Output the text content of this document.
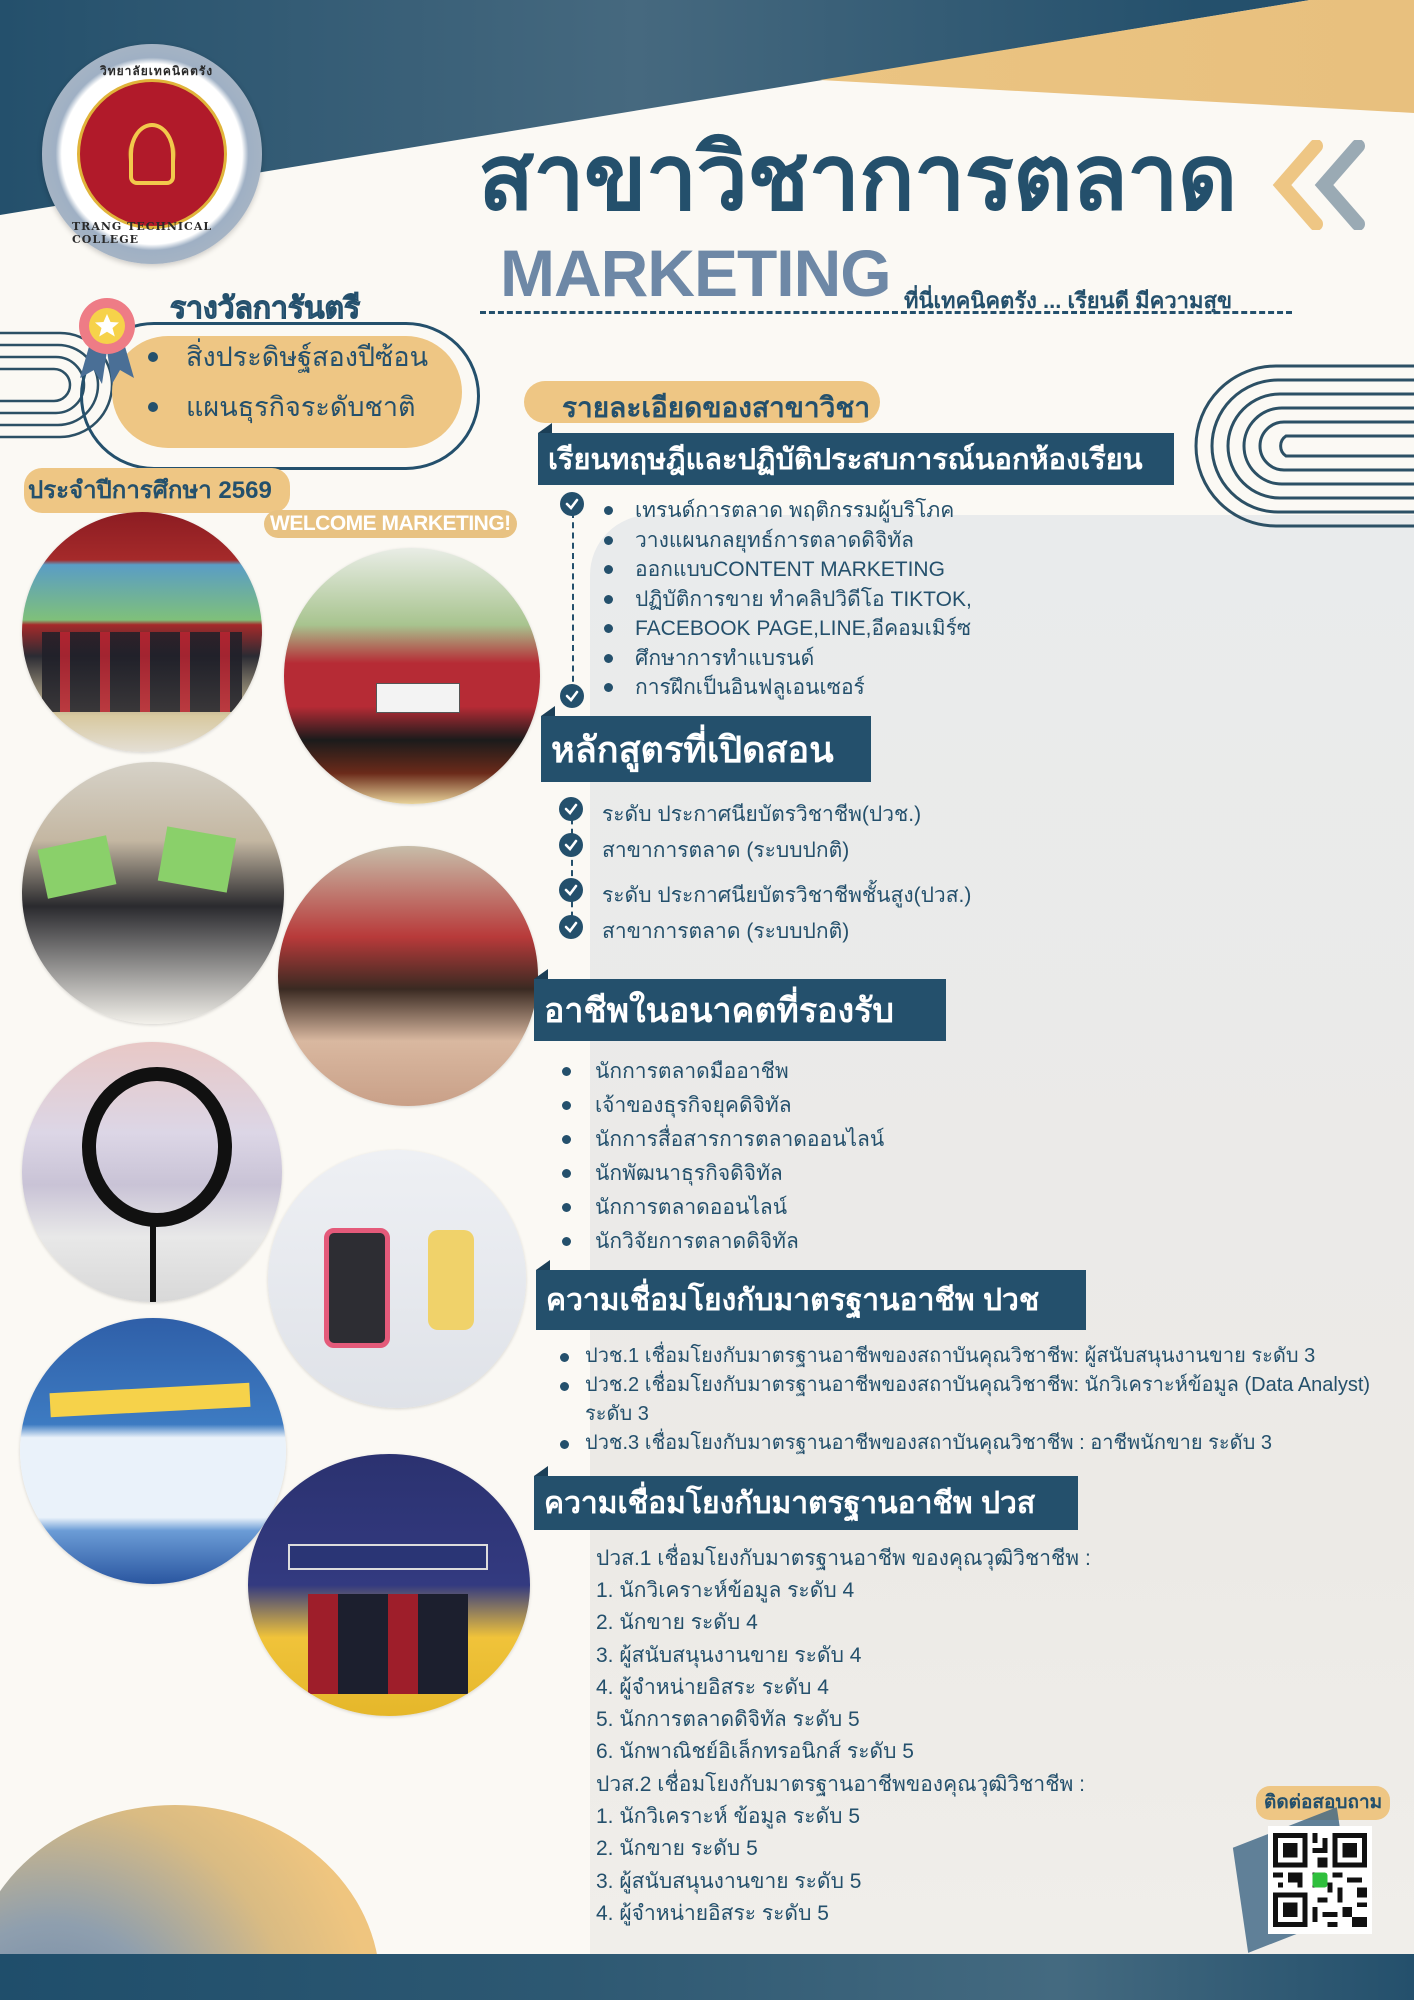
วิทยาลัยเทคนิคตรัง
TRANG TECHNICAL COLLEGE
สาขาวิชาการตลาด
MARKETING ที่นี่เทคนิคตรัง ... เรียนดี มีความสุข
รางวัลการันตรี
สิ่งประดิษฐ์สองปีซ้อน
แผนธุรกิจระดับชาติ
ประจำปีการศึกษา 2569
WELCOME MARKETING!
รายละเอียดของสาขาวิชา
เรียนทฤษฎีและปฏิบัติประสบการณ์นอกห้องเรียน
เทรนด์การตลาด พฤติกรรมผู้บริโภค
วางแผนกลยุทธ์การตลาดดิจิทัล
ออกแบบCONTENT MARKETING
ปฏิบัติการขาย ทำคลิปวิดีโอ TIKTOK,
FACEBOOK PAGE,LINE,อีคอมเมิร์ซ
ศึกษาการทำแบรนด์
การฝึกเป็นอินฟลูเอนเซอร์
หลักสูตรที่เปิดสอน
ระดับ ประกาศนียบัตรวิชาชีพ(ปวช.)
สาขาการตลาด (ระบบปกติ)
ระดับ ประกาศนียบัตรวิชาชีพชั้นสูง(ปวส.)
สาขาการตลาด (ระบบปกติ)
อาชีพในอนาคตที่รองรับ
นักการตลาดมืออาชีพ
เจ้าของธุรกิจยุคดิจิทัล
นักการสื่อสารการตลาดออนไลน์
นักพัฒนาธุรกิจดิจิทัล
นักการตลาดออนไลน์
นักวิจัยการตลาดดิจิทัล
ความเชื่อมโยงกับมาตรฐานอาชีพ ปวช
ปวช.1 เชื่อมโยงกับมาตรฐานอาชีพของสถาบันคุณวิชาชีพ: ผู้สนับสนุนงานขาย ระดับ 3
ปวช.2 เชื่อมโยงกับมาตรฐานอาชีพของสถาบันคุณวิชาชีพ: นักวิเคราะห์ข้อมูล (Data Analyst) ระดับ 3
ปวช.3 เชื่อมโยงกับมาตรฐานอาชีพของสถาบันคุณวิชาชีพ : อาชีพนักขาย ระดับ 3
ความเชื่อมโยงกับมาตรฐานอาชีพ ปวส
ปวส.1 เชื่อมโยงกับมาตรฐานอาชีพ ของคุณวุฒิวิชาชีพ :
1. นักวิเคราะห์ข้อมูล ระดับ 4
2. นักขาย ระดับ 4
3. ผู้สนับสนุนงานขาย ระดับ 4
4. ผู้จำหน่ายอิสระ ระดับ 4
5. นักการตลาดดิจิทัล ระดับ 5
6. นักพาณิชย์อิเล็กทรอนิกส์ ระดับ 5
ปวส.2 เชื่อมโยงกับมาตรฐานอาชีพของคุณวุฒิวิชาชีพ :
1. นักวิเคราะห์ ข้อมูล ระดับ 5
2. นักขาย ระดับ 5
3. ผู้สนับสนุนงานขาย ระดับ 5
4. ผู้จำหน่ายอิสระ ระดับ 5
ติดต่อสอบถาม
